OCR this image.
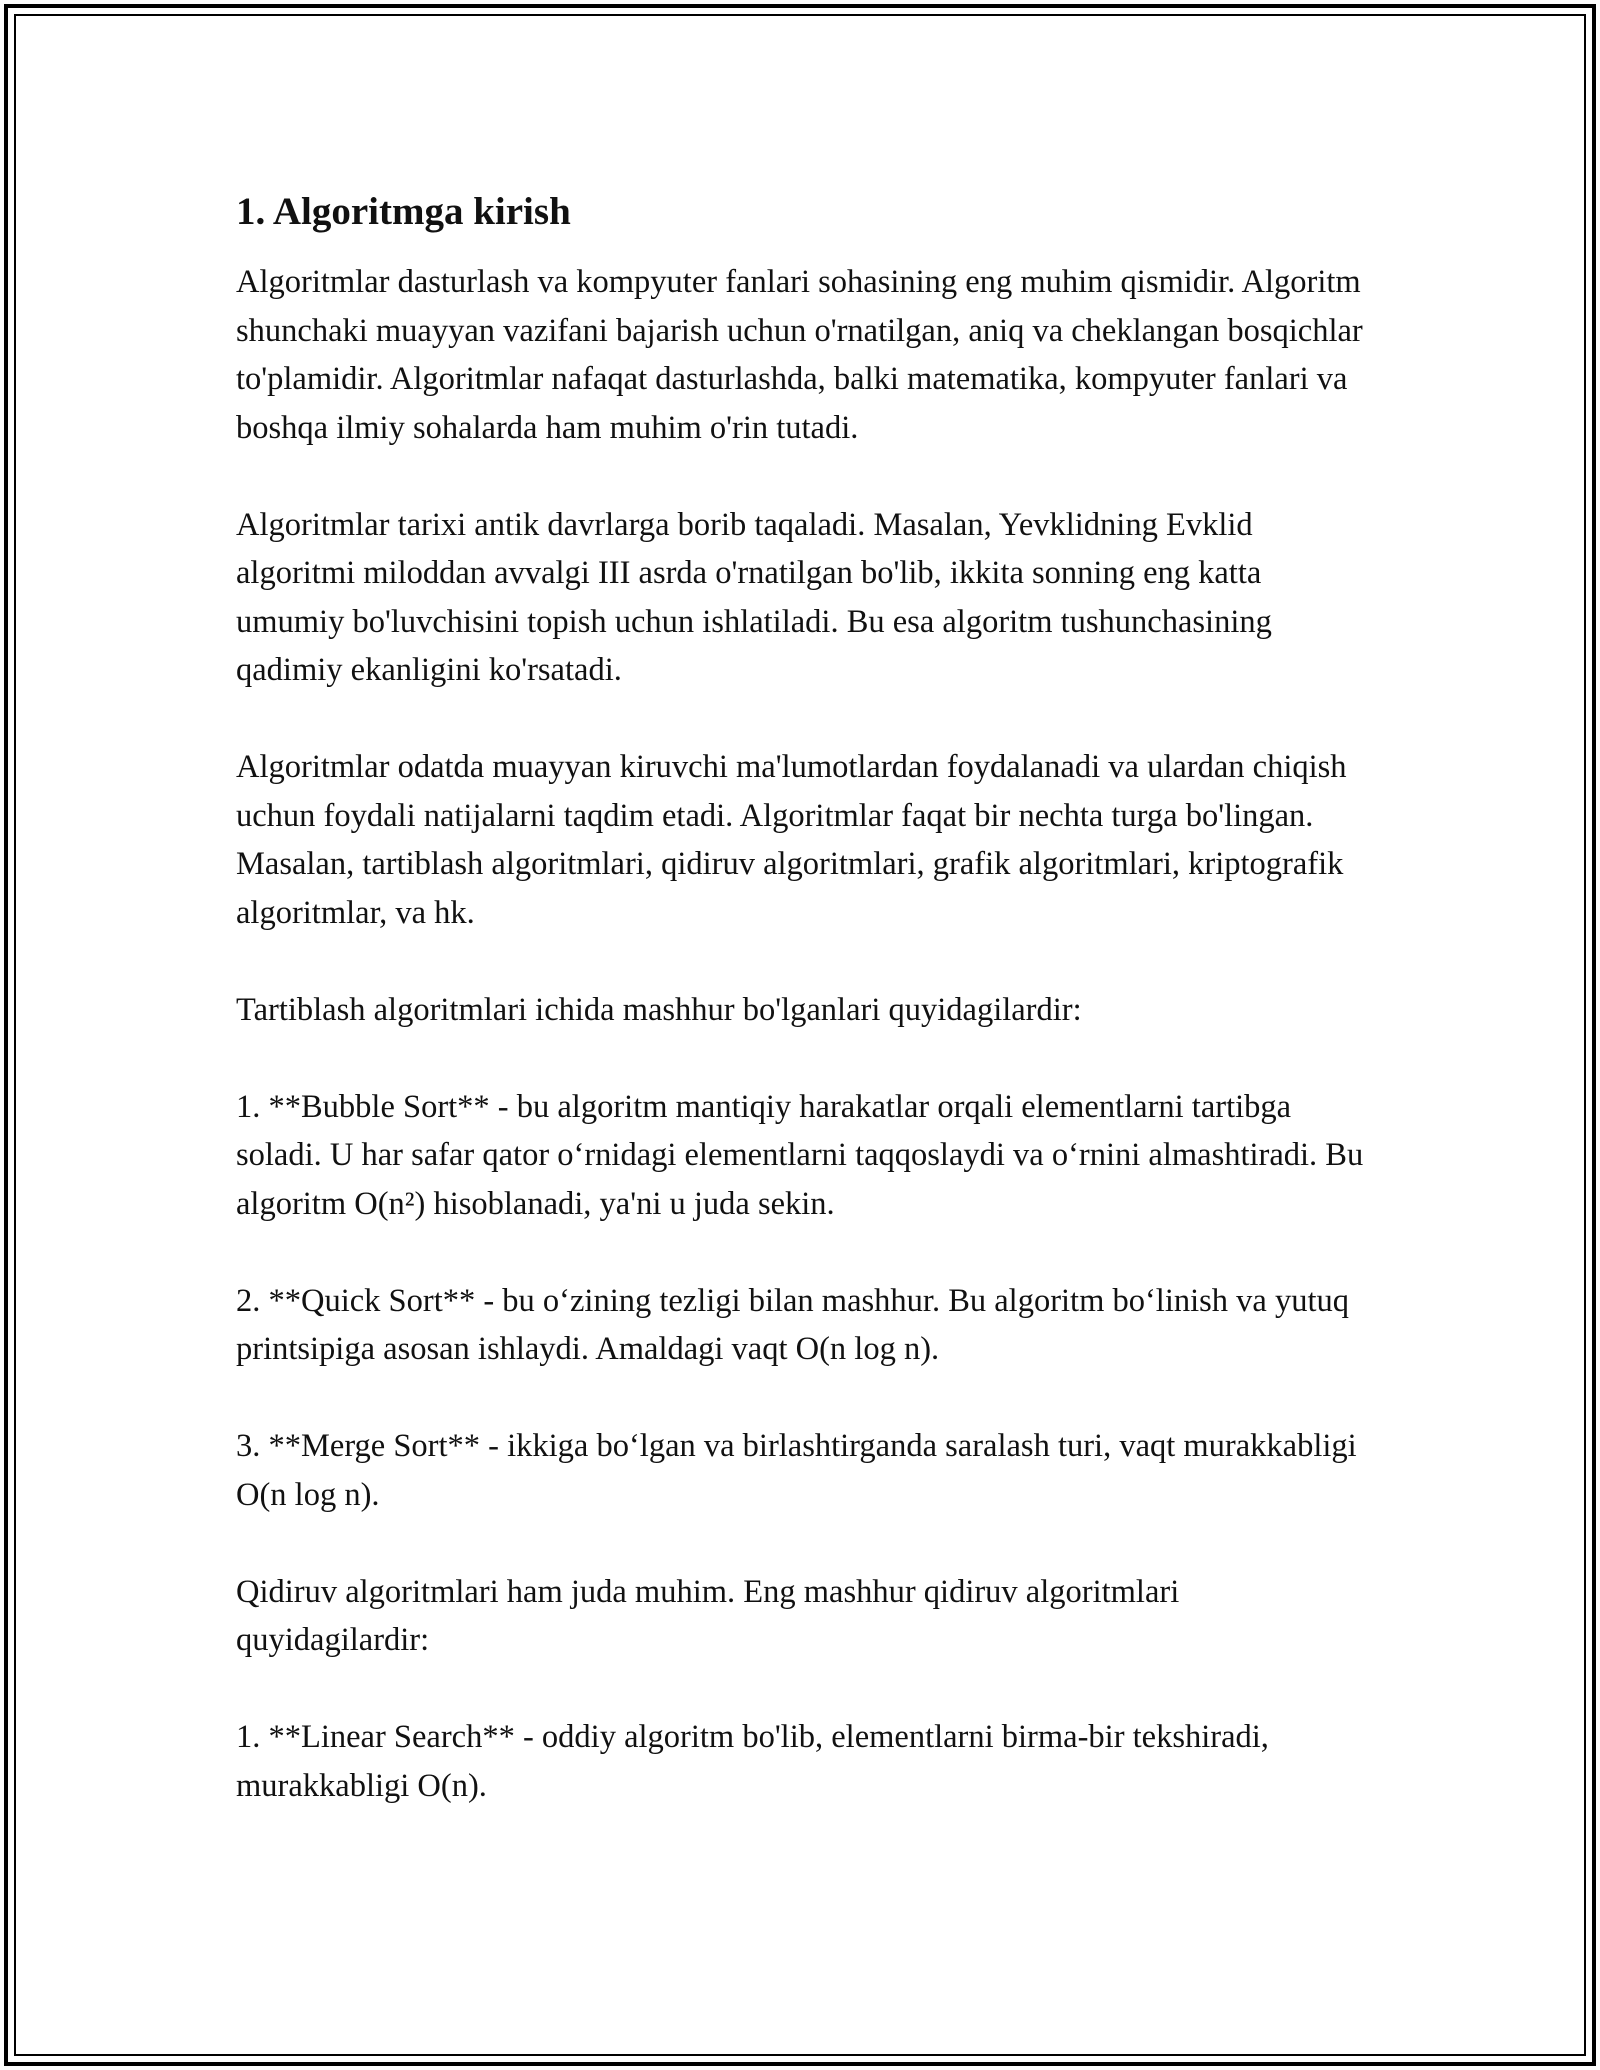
1. Algoritmga kirish

Algoritmlar dasturlash va kompyuter fanlari sohasining eng muhim qismidir. Algoritm shunchaki muayyan vazifani bajarish uchun o'rnatilgan, aniq va cheklangan bosqichlar to'plamidir. Algoritmlar nafaqat dasturlashda, balki matematika, kompyuter fanlari va boshqa ilmiy sohalarda ham muhim o'rin tutadi.

Algoritmlar tarixi antik davrlarga borib taqaladi. Masalan, Yevklidning Evklid algoritmi miloddan avvalgi III asrda o'rnatilgan bo'lib, ikkita sonning eng katta umumiy bo'luvchisini topish uchun ishlatiladi. Bu esa algoritm tushunchasining qadimiy ekanligini ko'rsatadi.

Algoritmlar odatda muayyan kiruvchi ma'lumotlardan foydalanadi va ulardan chiqish uchun foydali natijalarni taqdim etadi. Algoritmlar faqat bir nechta turga bo'lingan. Masalan, tartiblash algoritmlari, qidiruv algoritmlari, grafik algoritmlari, kriptografik algoritmlar, va hk.

Tartiblash algoritmlari ichida mashhur bo'lganlari quyidagilardir:

1. **Bubble Sort** - bu algoritm mantiqiy harakatlar orqali elementlarni tartibga soladi. U har safar qator o‘rnidagi elementlarni taqqoslaydi va o‘rnini almashtiradi. Bu algoritm O(n²) hisoblanadi, ya'ni u juda sekin.

2. **Quick Sort** - bu o‘zining tezligi bilan mashhur. Bu algoritm bo‘linish va yutuq printsipiga asosan ishlaydi. Amaldagi vaqt O(n log n).

3. **Merge Sort** - ikkiga bo‘lgan va birlashtirganda saralash turi, vaqt murakkabligi O(n log n).

Qidiruv algoritmlari ham juda muhim. Eng mashhur qidiruv algoritmlari quyidagilardir:

1. **Linear Search** - oddiy algoritm bo'lib, elementlarni birma-bir tekshiradi, murakkabligi O(n).
